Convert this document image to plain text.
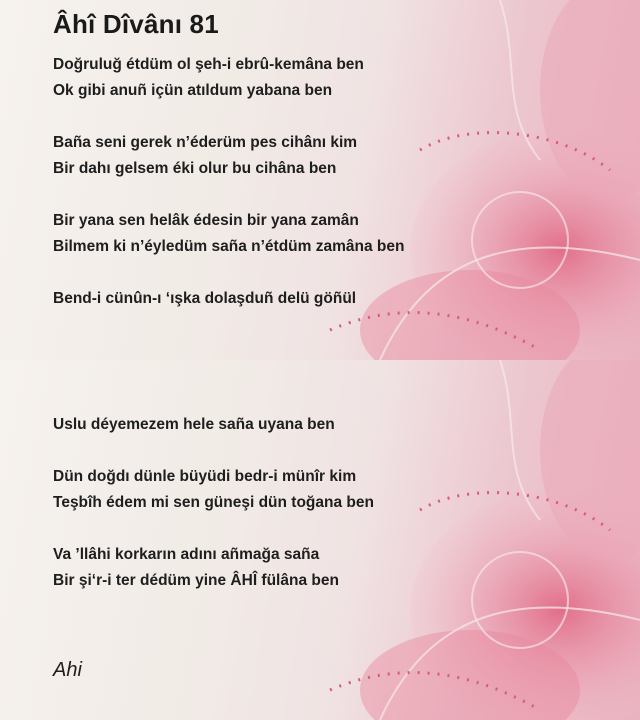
Âhî Dîvânı 81
Doğruluğ étdüm ol şeh-i ebrû-kemâna ben
Ok gibi anuñ içün atıldum yabana ben
Baña seni gerek n’éderüm pes cihânı kim
Bir dahı gelsem éki olur bu cihâna ben
Bir yana sen helâk édesin bir yana zamân
Bilmem ki n’éyledüm saña n’étdüm zamâna ben
Bend-i cünûn-ı ‘ışka dolaşduñ delü göñül
Uslu déyemezem hele saña uyana ben
Dün doğdı dünle büyüdi bedr-i münîr kim
Teşbîh édem mi sen güneşi dün toğana ben
Va ’llâhi korkarın adını añmağa saña
Bir şi‘r-i ter dédüm yine ÂHÎ fülâna ben
Ahi
